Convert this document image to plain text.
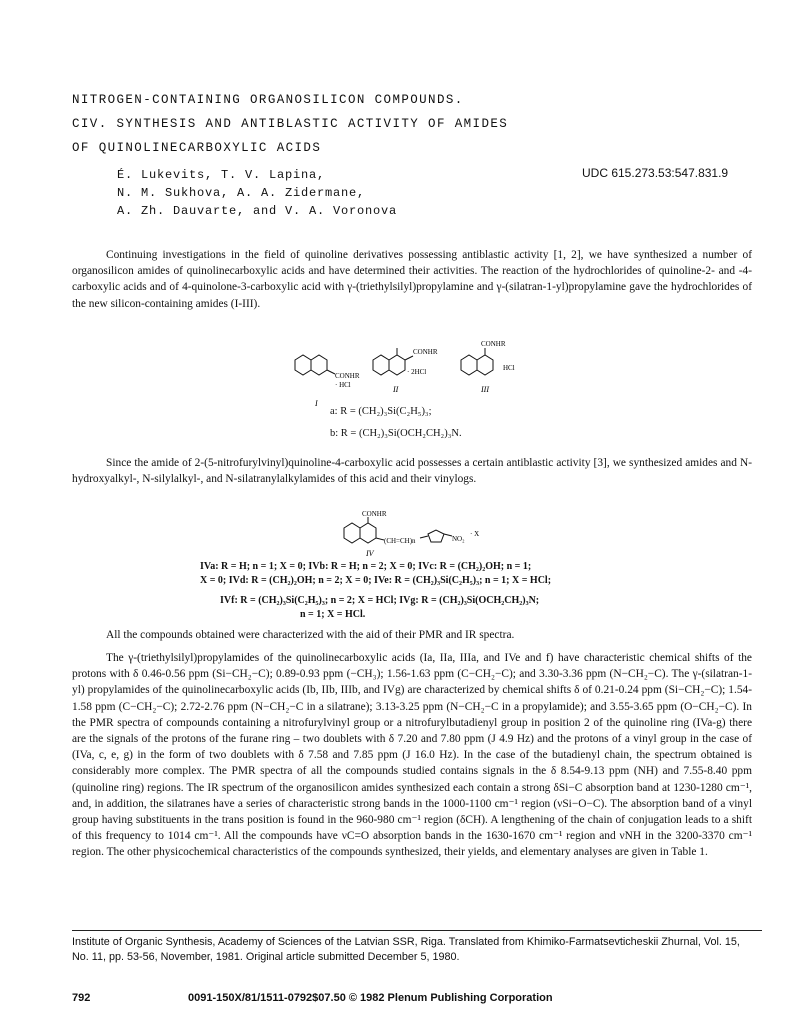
NITROGEN-CONTAINING ORGANOSILICON COMPOUNDS.
CIV. SYNTHESIS AND ANTIBLASTIC ACTIVITY OF AMIDES
OF QUINOLINECARBOXYLIC ACIDS
É. Lukevits, T. V. Lapina,
N. M. Sukhova, A. A. Zidermane,
A. Zh. Dauvarte, and V. A. Voronova
UDC 615.273.53:547.831.9
Continuing investigations in the field of quinoline derivatives possessing antiblastic activity [1, 2], we have synthesized a number of organosilicon amides of quinolinecarboxylic acids and have determined their activities. The reaction of the hydrochlorides of quinoline-2- and -4-carboxylic acids and of 4-quinolone-3-carboxylic acid with γ-(triethylsilyl)propylamine and γ-(silatran-1-yl)propylamine gave the hydrochlorides of the new silicon-containing amides (I-III).
CONHR
· HCl
I
CONHR
· 2HCl
II
CONHR
HCl
III
a: R = (CH₂)₃Si(C₂H₅)₃;
b: R = (CH₂)₃Si(OCH₂CH₂)₃N.
Since the amide of 2-(5-nitrofurylvinyl)quinoline-4-carboxylic acid possesses a certain antiblastic activity [3], we synthesized amides and N-hydroxyalkyl-, N-silylalkyl-, and N-silatranylalkylamides of this acid and their vinylogs.
CONHR
(CH=CH)n	NO₂
· X
IV
IVa: R = H; n = 1; X = 0; IVb: R = H; n = 2; X = 0; IVc: R = (CH₂)₂OH; n = 1;
X = 0; IVd: R = (CH₂)₂OH; n = 2; X = 0; IVe: R = (CH₂)₃Si(C₂H₅)₃; n = 1; X = HCl;
IVf: R = (CH₂)₃Si(C₂H₅)₃; n = 2; X = HCl; IVg: R = (CH₂)₃Si(OCH₂CH₂)₃N;
n = 1; X = HCl.
All the compounds obtained were characterized with the aid of their PMR and IR spectra.
The γ-(triethylsilyl)propylamides of the quinolinecarboxylic acids (Ia, IIa, IIIa, and IVe and f) have characteristic chemical shifts of the protons with δ 0.46-0.56 ppm (Si−CH₂−C); 0.89-0.93 ppm (−CH₃); 1.56-1.63 ppm (C−CH₂−C); and 3.30-3.36 ppm (N−CH₂−C). The γ-(silatran-1-yl) propylamides of the quinolinecarboxylic acids (Ib, IIb, IIIb, and IVg) are characterized by chemical shifts δ of 0.21-0.24 ppm (Si−CH₂−C); 1.54-1.58 ppm (C−CH₂−C); 2.72-2.76 ppm (N−CH₂−C in a silatrane); 3.13-3.25 ppm (N−CH₂−C in a propylamide); and 3.55-3.65 ppm (O−CH₂−C). In the PMR spectra of compounds containing a nitrofurylvinyl group or a nitrofurylbutadienyl group in position 2 of the quinoline ring (IVa-g) there are the signals of the protons of the furane ring – two doublets with δ 7.20 and 7.80 ppm (J 4.9 Hz) and the protons of a vinyl group in the case of (IVa, c, e, g) in the form of two doublets with δ 7.58 and 7.85 ppm (J 16.0 Hz). In the case of the butadienyl chain, the spectrum obtained is considerably more complex. The PMR spectra of all the compounds studied contains signals in the δ 8.54-9.13 ppm (NH) and 7.55-8.40 ppm (quinoline ring) regions. The IR spectrum of the organosilicon amides synthesized each contain a strong δSi−C absorption band at 1230-1280 cm⁻¹, and, in addition, the silatranes have a series of characteristic strong bands in the 1000-1100 cm⁻¹ region (νSi−O−C). The absorption band of a vinyl group having substituents in the trans position is found in the 960-980 cm⁻¹ region (δCH). A lengthening of the chain of conjugation leads to a shift of this frequency to 1014 cm⁻¹. All the compounds have νC=O absorption bands in the 1630-1670 cm⁻¹ region and νNH in the 3200-3370 cm⁻¹ region. The other physicochemical characteristics of the compounds synthesized, their yields, and elementary analyses are given in Table 1.
Institute of Organic Synthesis, Academy of Sciences of the Latvian SSR, Riga. Translated from Khimiko-Farmatsevticheskii Zhurnal, Vol. 15, No. 11, pp. 53-56, November, 1981. Original article submitted December 5, 1980.
792	0091-150X/81/1511-0792$07.50 © 1982 Plenum Publishing Corporation
